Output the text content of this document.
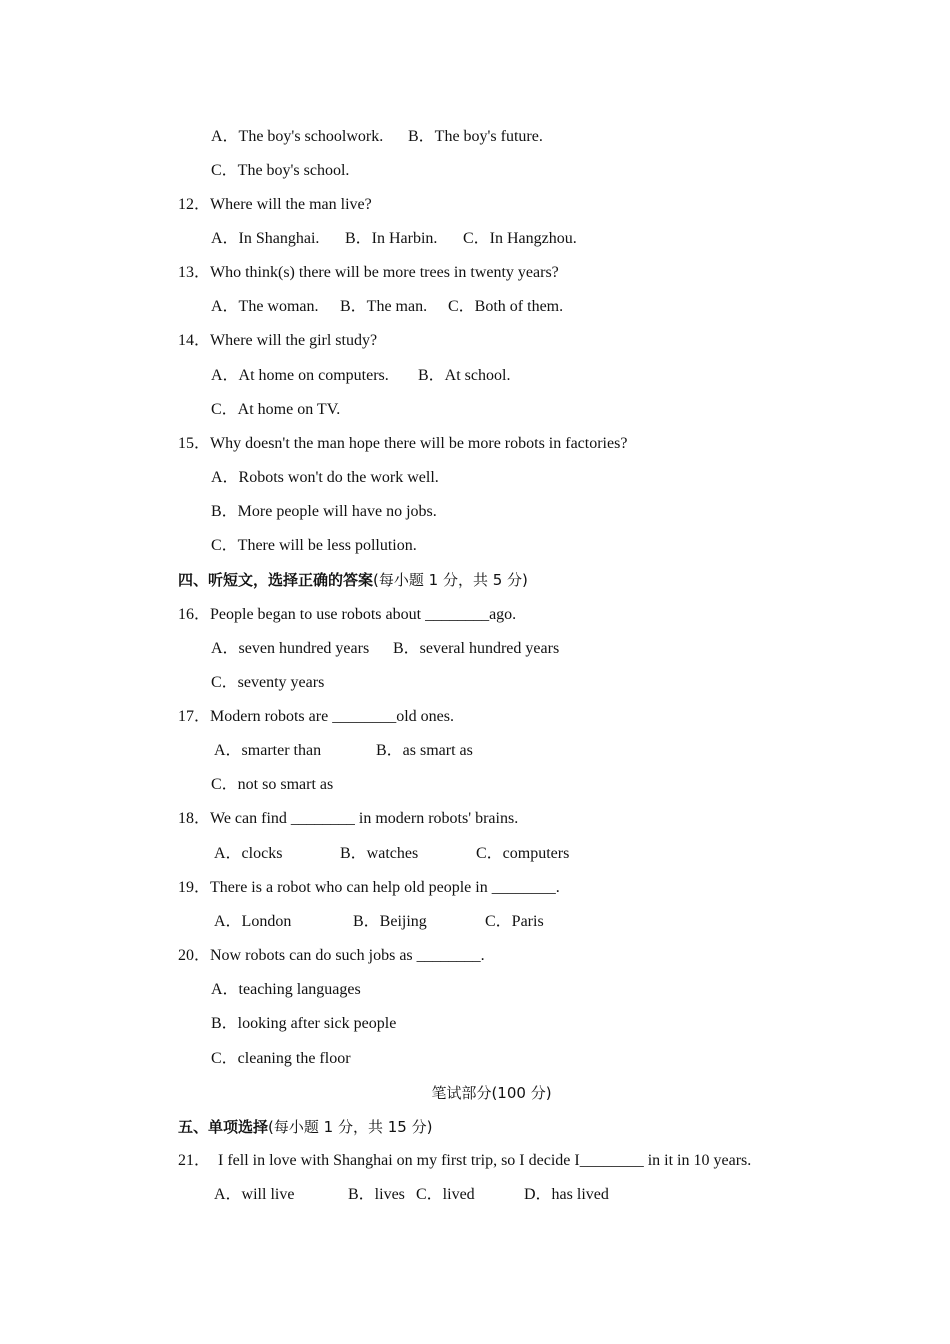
A．The boy's schoolwork. B．The boy's future.
C．The boy's school.
12．Where will the man live?
A．In Shanghai. B．In Harbin. C．In Hangzhou.
13．Who think(s) there will be more trees in twenty years?
A．The woman. B．The man. C．Both of them.
14．Where will the girl study?
A．At home on computers. B．At school.
C．At home on TV.
15．Why doesn't the man hope there will be more robots in factories?
A．Robots won't do the work well.
B．More people will have no jobs.
C．There will be less pollution.
四、听短文，选择正确的答案(每小题 1 分，共 5 分)
16．People began to use robots about ________ago.
A．seven hundred years B．several hundred years
C．seventy years
17．Modern robots are ________old ones.
A．smarter than	B．as smart as
C．not so smart as
18．We can find ________ in modern robots' brains.
A．clocks	B．watches	C．computers
19．There is a robot who can help old people in ________.
A．London	B．Beijing	C．Paris
20．Now robots can do such jobs as ________.
A．teaching languages
B．looking after sick people
C．cleaning the floor
笔试部分(100 分)
五、单项选择(每小题 1 分，共 15 分)
21．  I fell in love with Shanghai on my first trip, so I decide I________ in it in 10 years.
A．will live	B．lives C．lived	D．has lived
